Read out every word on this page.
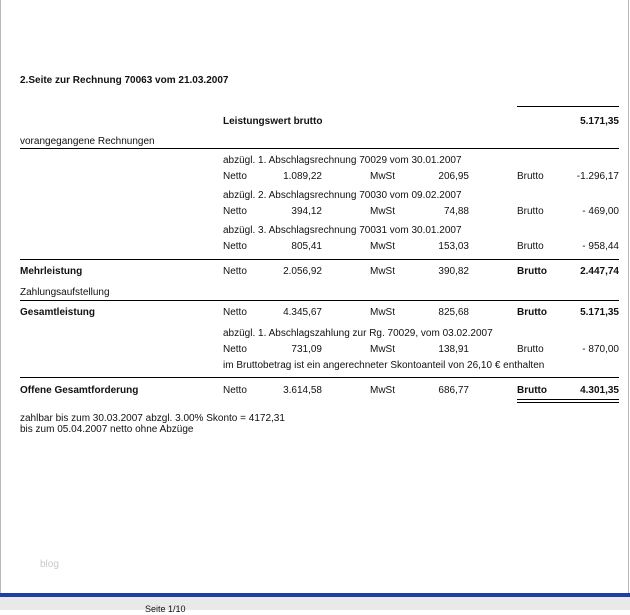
2.Seite zur Rechnung 70063 vom 21.03.2007
Leistungswert brutto	5.171,35
vorangegangene Rechnungen
abzügl. 1. Abschlagsrechnung 70029 vom 30.01.2007
Netto	1.089,22	MwSt	206,95	Brutto	-1.296,17
abzügl. 2. Abschlagsrechnung 70030 vom 09.02.2007
Netto	394,12	MwSt	74,88	Brutto	- 469,00
abzügl. 3. Abschlagsrechnung 70031 vom 30.01.2007
Netto	805,41	MwSt	153,03	Brutto	- 958,44
Mehrleistung	Netto	2.056,92	MwSt	390,82	Brutto	2.447,74
Zahlungsaufstellung
Gesamtleistung	Netto	4.345,67	MwSt	825,68	Brutto	5.171,35
abzügl. 1. Abschlagszahlung zur Rg. 70029, vom 03.02.2007
Netto	731,09	MwSt	138,91	Brutto	- 870,00
im Bruttobetrag ist ein angerechneter Skontoanteil von 26,10 € enthalten
Offene Gesamtforderung	Netto	3.614,58	MwSt	686,77	Brutto	4.301,35
zahlbar bis zum 30.03.2007 abzgl. 3.00% Skonto = 4172,31
bis zum 05.04.2007 netto ohne Abzüge
blog
Seite 1/10
